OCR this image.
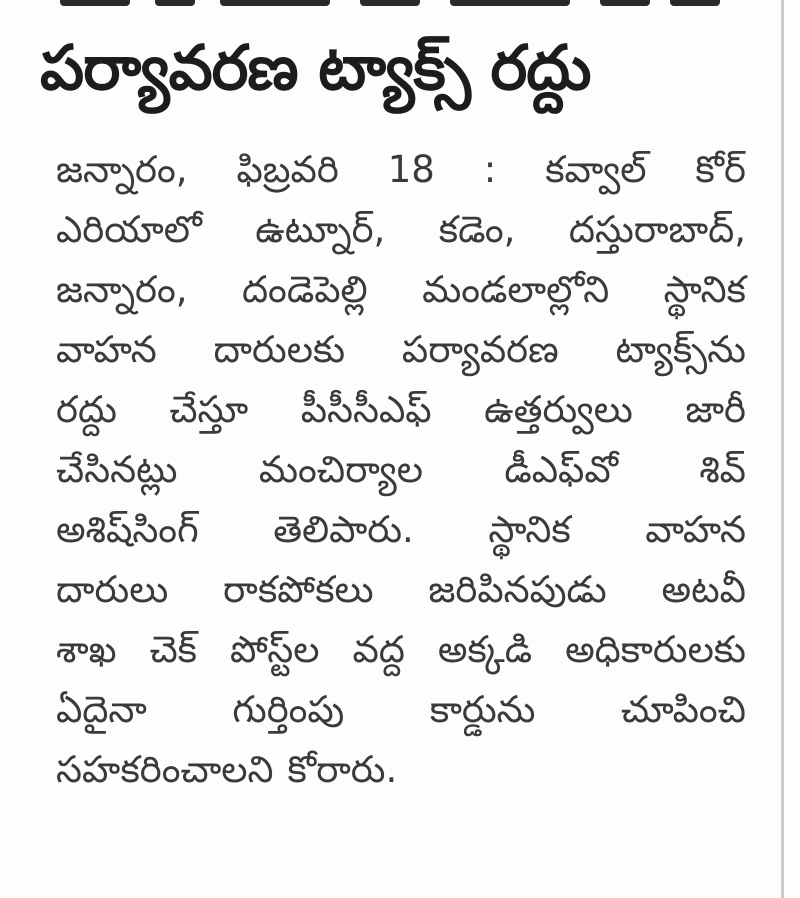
పర్యావరణ ట్యాక్స్‌ రద్దు
జన్నారం, ఫిబ్రవరి 18 : కవ్వాల్‌ కోర్‌
ఎరియాలో ఉట్నూర్‌, కడెం, దస్తురాబాద్‌,
జన్నారం, దండెపెల్లి మండలాల్లోని స్థానిక
వాహన దారులకు పర్యావరణ ట్యాక్స్‌ను
రద్దు చేస్తూ పీసీసీఎఫ్‌ ఉత్తర్వులు జారీ
చేసినట్లు మంచిర్యాల డీఎఫ్‌వో శివ్‌
అశిష్‌సింగ్‌ తెలిపారు. స్థానిక వాహన
దారులు రాకపోకలు జరిపినపుడు అటవీ
శాఖ చెక్‌ పోస్ట్‌ల వద్ద అక్కడి అధికారులకు
ఏదైనా గుర్తింపు కార్డును చూపించి
సహకరించాలని కోరారు.
